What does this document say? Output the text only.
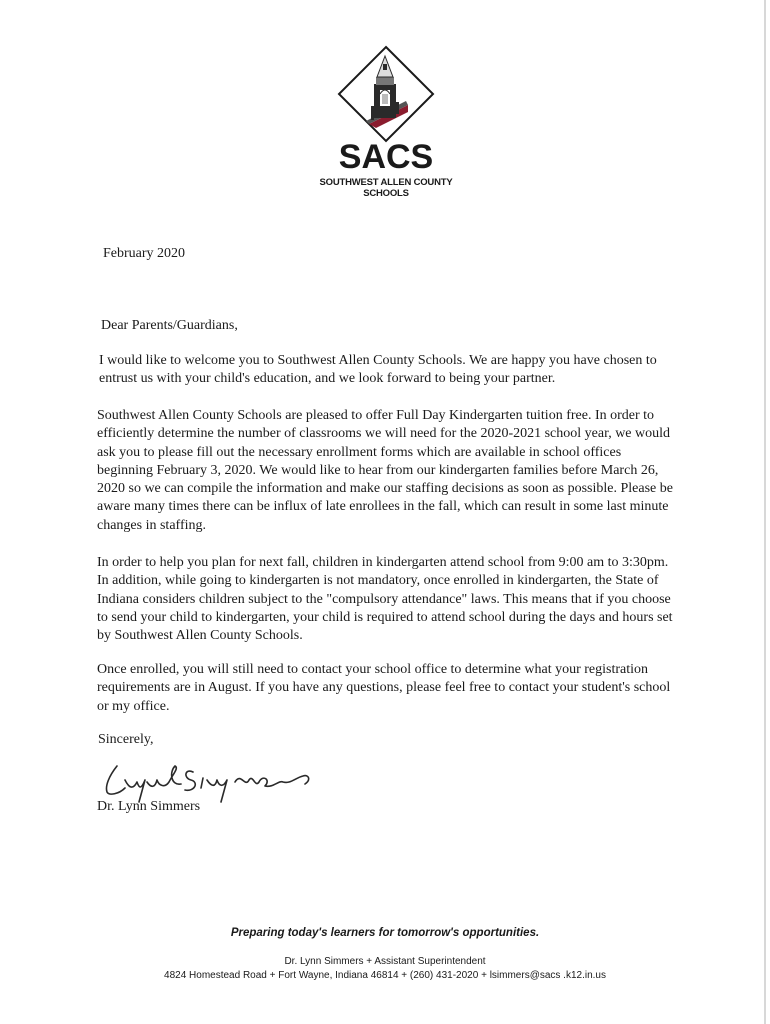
SACS
SOUTHWEST ALLEN COUNTY SCHOOLS
February 2020
Dear Parents/Guardians,

I would like to welcome you to Southwest Allen County Schools. We are happy you have chosen to entrust us with your child's education, and we look forward to being your partner.

Southwest Allen County Schools are pleased to offer Full Day Kindergarten tuition free. In order to efficiently determine the number of classrooms we will need for the 2020-2021 school year, we would ask you to please fill out the necessary enrollment forms which are available in school offices beginning February 3, 2020. We would like to hear from our kindergarten families before March 26, 2020 so we can compile the information and make our staffing decisions as soon as possible. Please be aware many times there can be influx of late enrollees in the fall, which can result in some last minute changes in staffing.

In order to help you plan for next fall, children in kindergarten attend school from 9:00 am to 3:30pm. In addition, while going to kindergarten is not mandatory, once enrolled in kindergarten, the State of Indiana considers children subject to the "compulsory attendance" laws. This means that if you choose to send your child to kindergarten, your child is required to attend school during the days and hours set by Southwest Allen County Schools.

Once enrolled, you will still need to contact your school office to determine what your registration requirements are in August. If you have any questions, please feel free to contact your student's school or my office.

Sincerely,
Dr. Lynn Simmers
Preparing today's learners for tomorrow's opportunities.
Dr. Lynn Simmers + Assistant Superintendent
4824 Homestead Road + Fort Wayne, Indiana 46814 + (260) 431-2020 + lsimmers@sacs .k12.in.us
